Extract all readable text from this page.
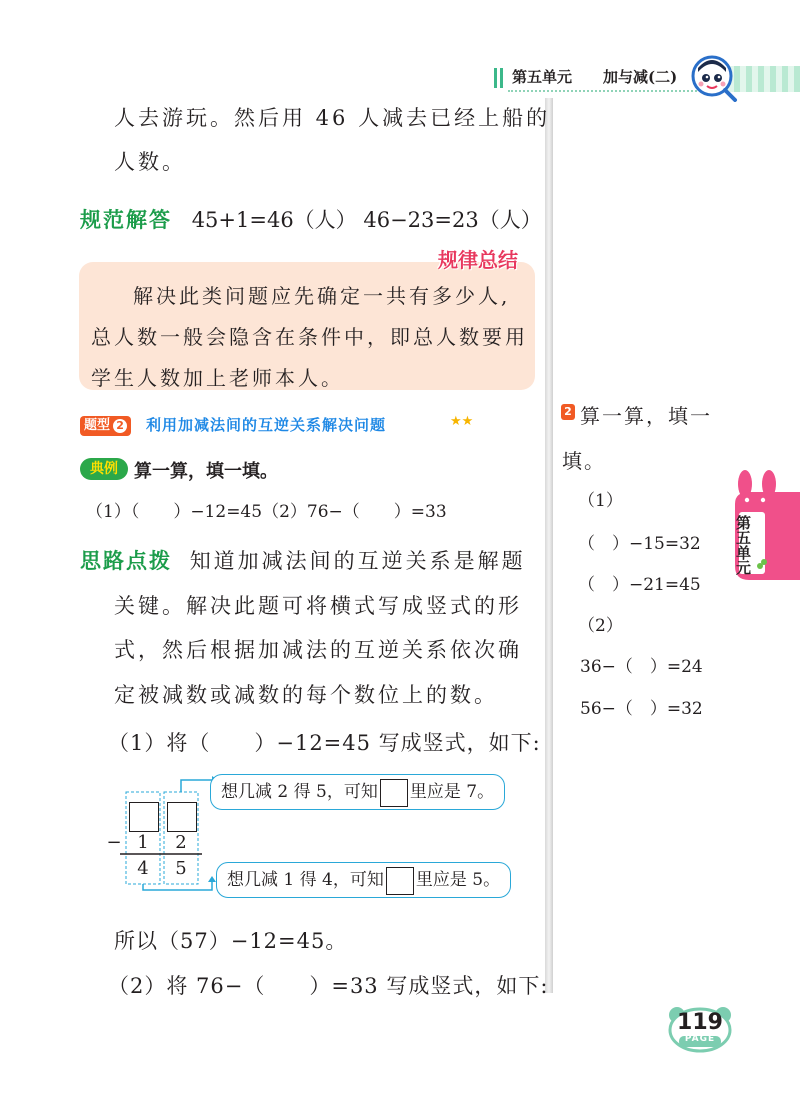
第五单元 加与减(二)
人去游玩。然后用 46 人减去已经上船的
人数。
规范解答 45+1=46（人） 46−23=23（人）
规律总结
解决此类问题应先确定一共有多少人,
总人数一般会隐含在条件中，即总人数要用
学生人数加上老师本人。
题型 2	利用加减法间的互逆关系解决问题	★★
典例 算一算，填一填。
（1）（　　）−12=45（2）76−（　　）=33
思路点拨 知道加减法间的互逆关系是解题
关键。解决此题可将横式写成竖式的形
式，然后根据加减法的互逆关系依次确
定被减数或减数的每个数位上的数。
（1）将（　　）−12=45 写成竖式，如下:
− 1	2
4	5
想几减 2 得 5，可知 里应是 7。
想几减 1 得 4，可知 里应是 5。
所以（57）−12=45。
（2）将 76−（　　）=33 写成竖式，如下:
2 算一算，填一
填。
（1）
（　）−15=32
（　）−21=45
（2）
36−（　）=24
56−（　）=32
第五单元
119
PAGE
